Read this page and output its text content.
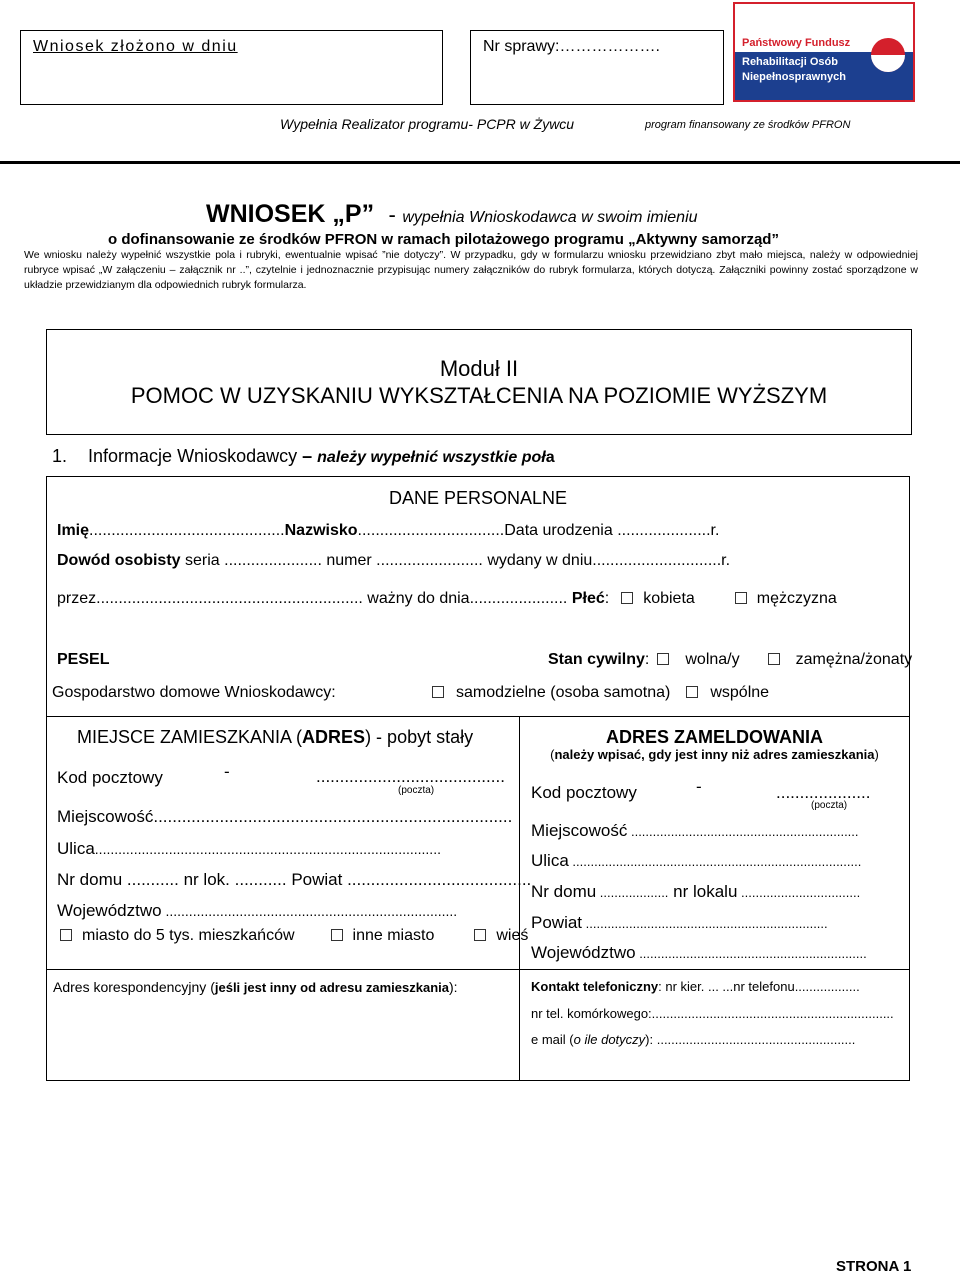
Wniosek złożono w dniu	Nr sprawy:……………….	Państwowy Fundusz
Rehabilitacji Osób
Niepełnosprawnych
Wypełnia Realizator programu- PCPR w Żywcu	program finansowany ze środków PFRON
WNIOSEK „P” - wypełnia Wnioskodawca w swoim imieniu
o dofinansowanie ze środków PFRON w ramach pilotażowego programu „Aktywny samorząd”

We wniosku należy wypełnić wszystkie pola i rubryki, ewentualnie wpisać ”nie dotyczy”. W przypadku, gdy w formularzu wniosku przewidziano zbyt mało miejsca, należy w odpowiedniej rubryce wpisać „W załączeniu – załącznik nr ..”, czytelnie i jednoznacznie przypisując numery załączników do rubryk formularza, których dotyczą. Załączniki powinny zostać sporządzone w układzie przewidzianym dla odpowiednich rubryk formularza.

Moduł II
POMOC W UZYSKANIU WYKSZTAŁCENIA NA POZIOMIE WYŻSZYM
1. Informacje Wnioskodawcy – należy wypełnić wszystkie poła
DANE PERSONALNE
Imię............................................Nazwisko.................................Data urodzenia .....................r.
Dowód osobisty seria ...................... numer ........................ wydany w dniu.............................r.
przez............................................................ ważny do dnia...................... Płeć: kobieta	mężczyzna
PESEL	Stan cywilny: wolna/y	zamężna/żonaty
Gospodarstwo domowe Wnioskodawcy:	samodzielne (osoba samotna)	wspólne
MIEJSCE ZAMIESZKANIA (ADRES) - pobyt stały
Kod pocztowy	-	........................................
(poczta)
Miejscowość............................................................................
Ulica.........................................................................................
Nr domu ........... nr lok. ........... Powiat .......................................
Województwo ...........................................................................
miasto do 5 tys. mieszkańców	inne miasto	wieś
ADRES ZAMELDOWANIA
(należy wpisać, gdy jest inny niż adres zamieszkania)
Kod pocztowy	-	....................
(poczta)
Miejscowość ...............................................................
Ulica ................................................................................
Nr domu ................... nr lokalu .................................
Powiat ...................................................................
Województwo ...............................................................
Adres korespondencyjny (jeśli jest inny od adresu zamieszkania):	Kontakt telefoniczny: nr kier. ... ...nr telefonu..................
nr tel. komórkowego:...................................................................
e mail (o ile dotyczy): .......................................................
STRONA 1
